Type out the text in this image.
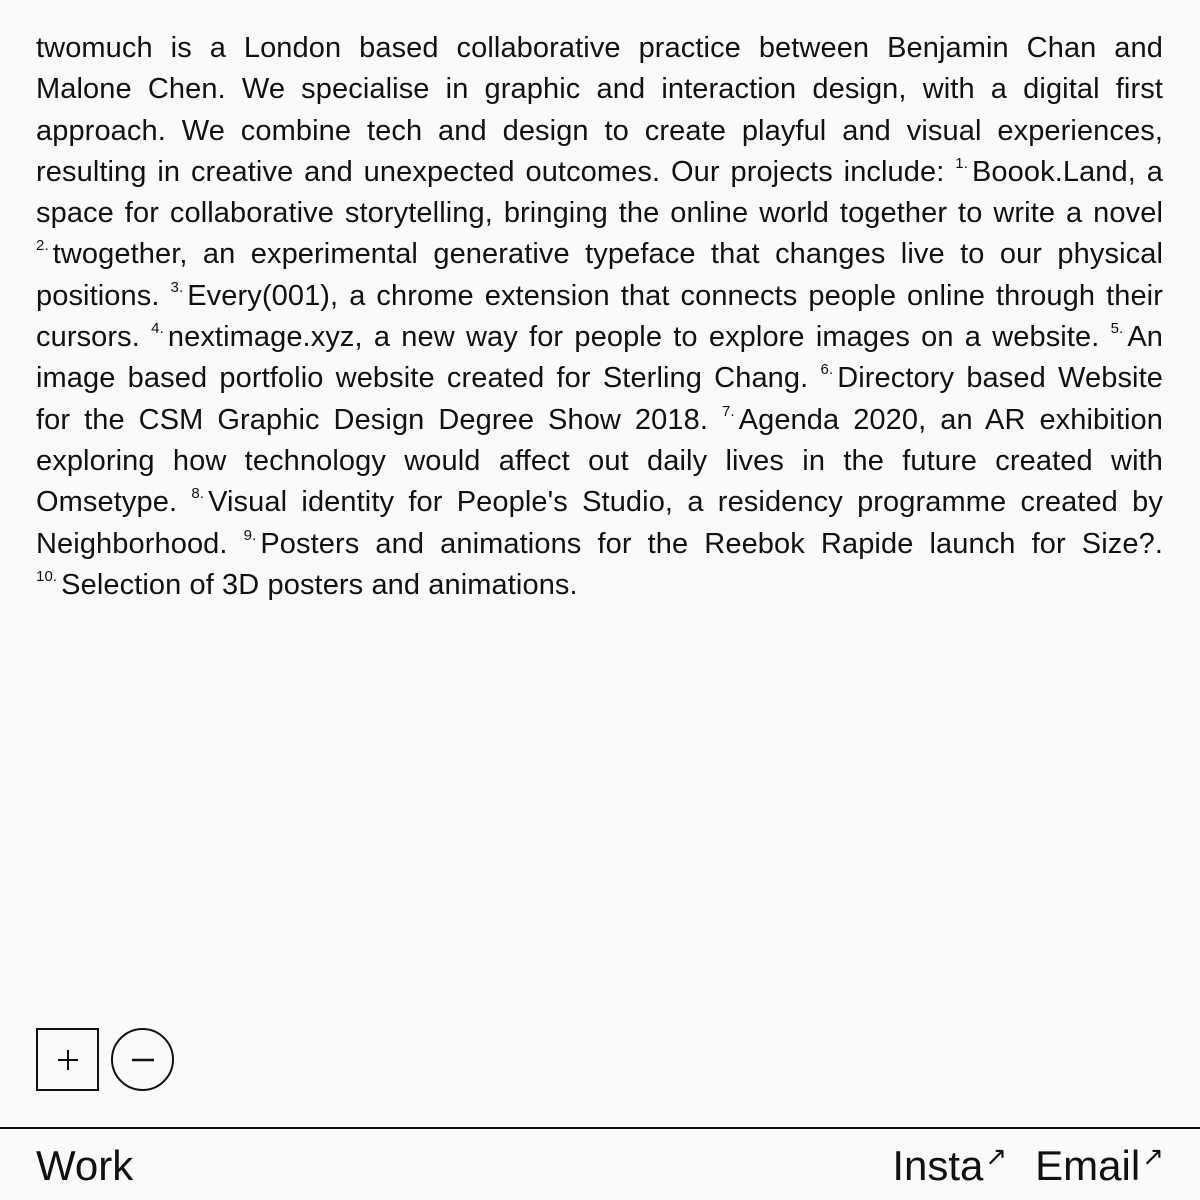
twomuch is a London based collaborative practice between Benjamin Chan and Malone Chen. We specialise in graphic and interaction design, with a digital first approach. We combine tech and design to create playful and visual experiences, resulting in creative and unexpected outcomes. Our projects include: $^{1.}$ Boook.Land, a space for collaborative storytelling, bringing the online world together to write a novel $^{2.}$ twogether, an experimental generative typeface that changes live to our physical positions. $^{3.}$ Every(001), a chrome extension that connects people online through their cursors. $^{4.}$ nextimage.xyz, a new way for people to explore images on a website. $^{5.}$ An image based portfolio website created for Sterling Chang. $^{6.}$ Directory based Website for the CSM Graphic Design Degree Show 2018. $^{7.}$ Agenda 2020, an AR exhibition exploring how technology would affect out daily lives in the future created with Omsetype. $^{8.}$ Visual identity for People's Studio, a residency programme created by Neighborhood. $^{9.}$ Posters and animations for the Reebok Rapide launch for Size?. $^{10.}$ Selection of 3D posters and animations.

Work	Insta ↗ Email ↗
